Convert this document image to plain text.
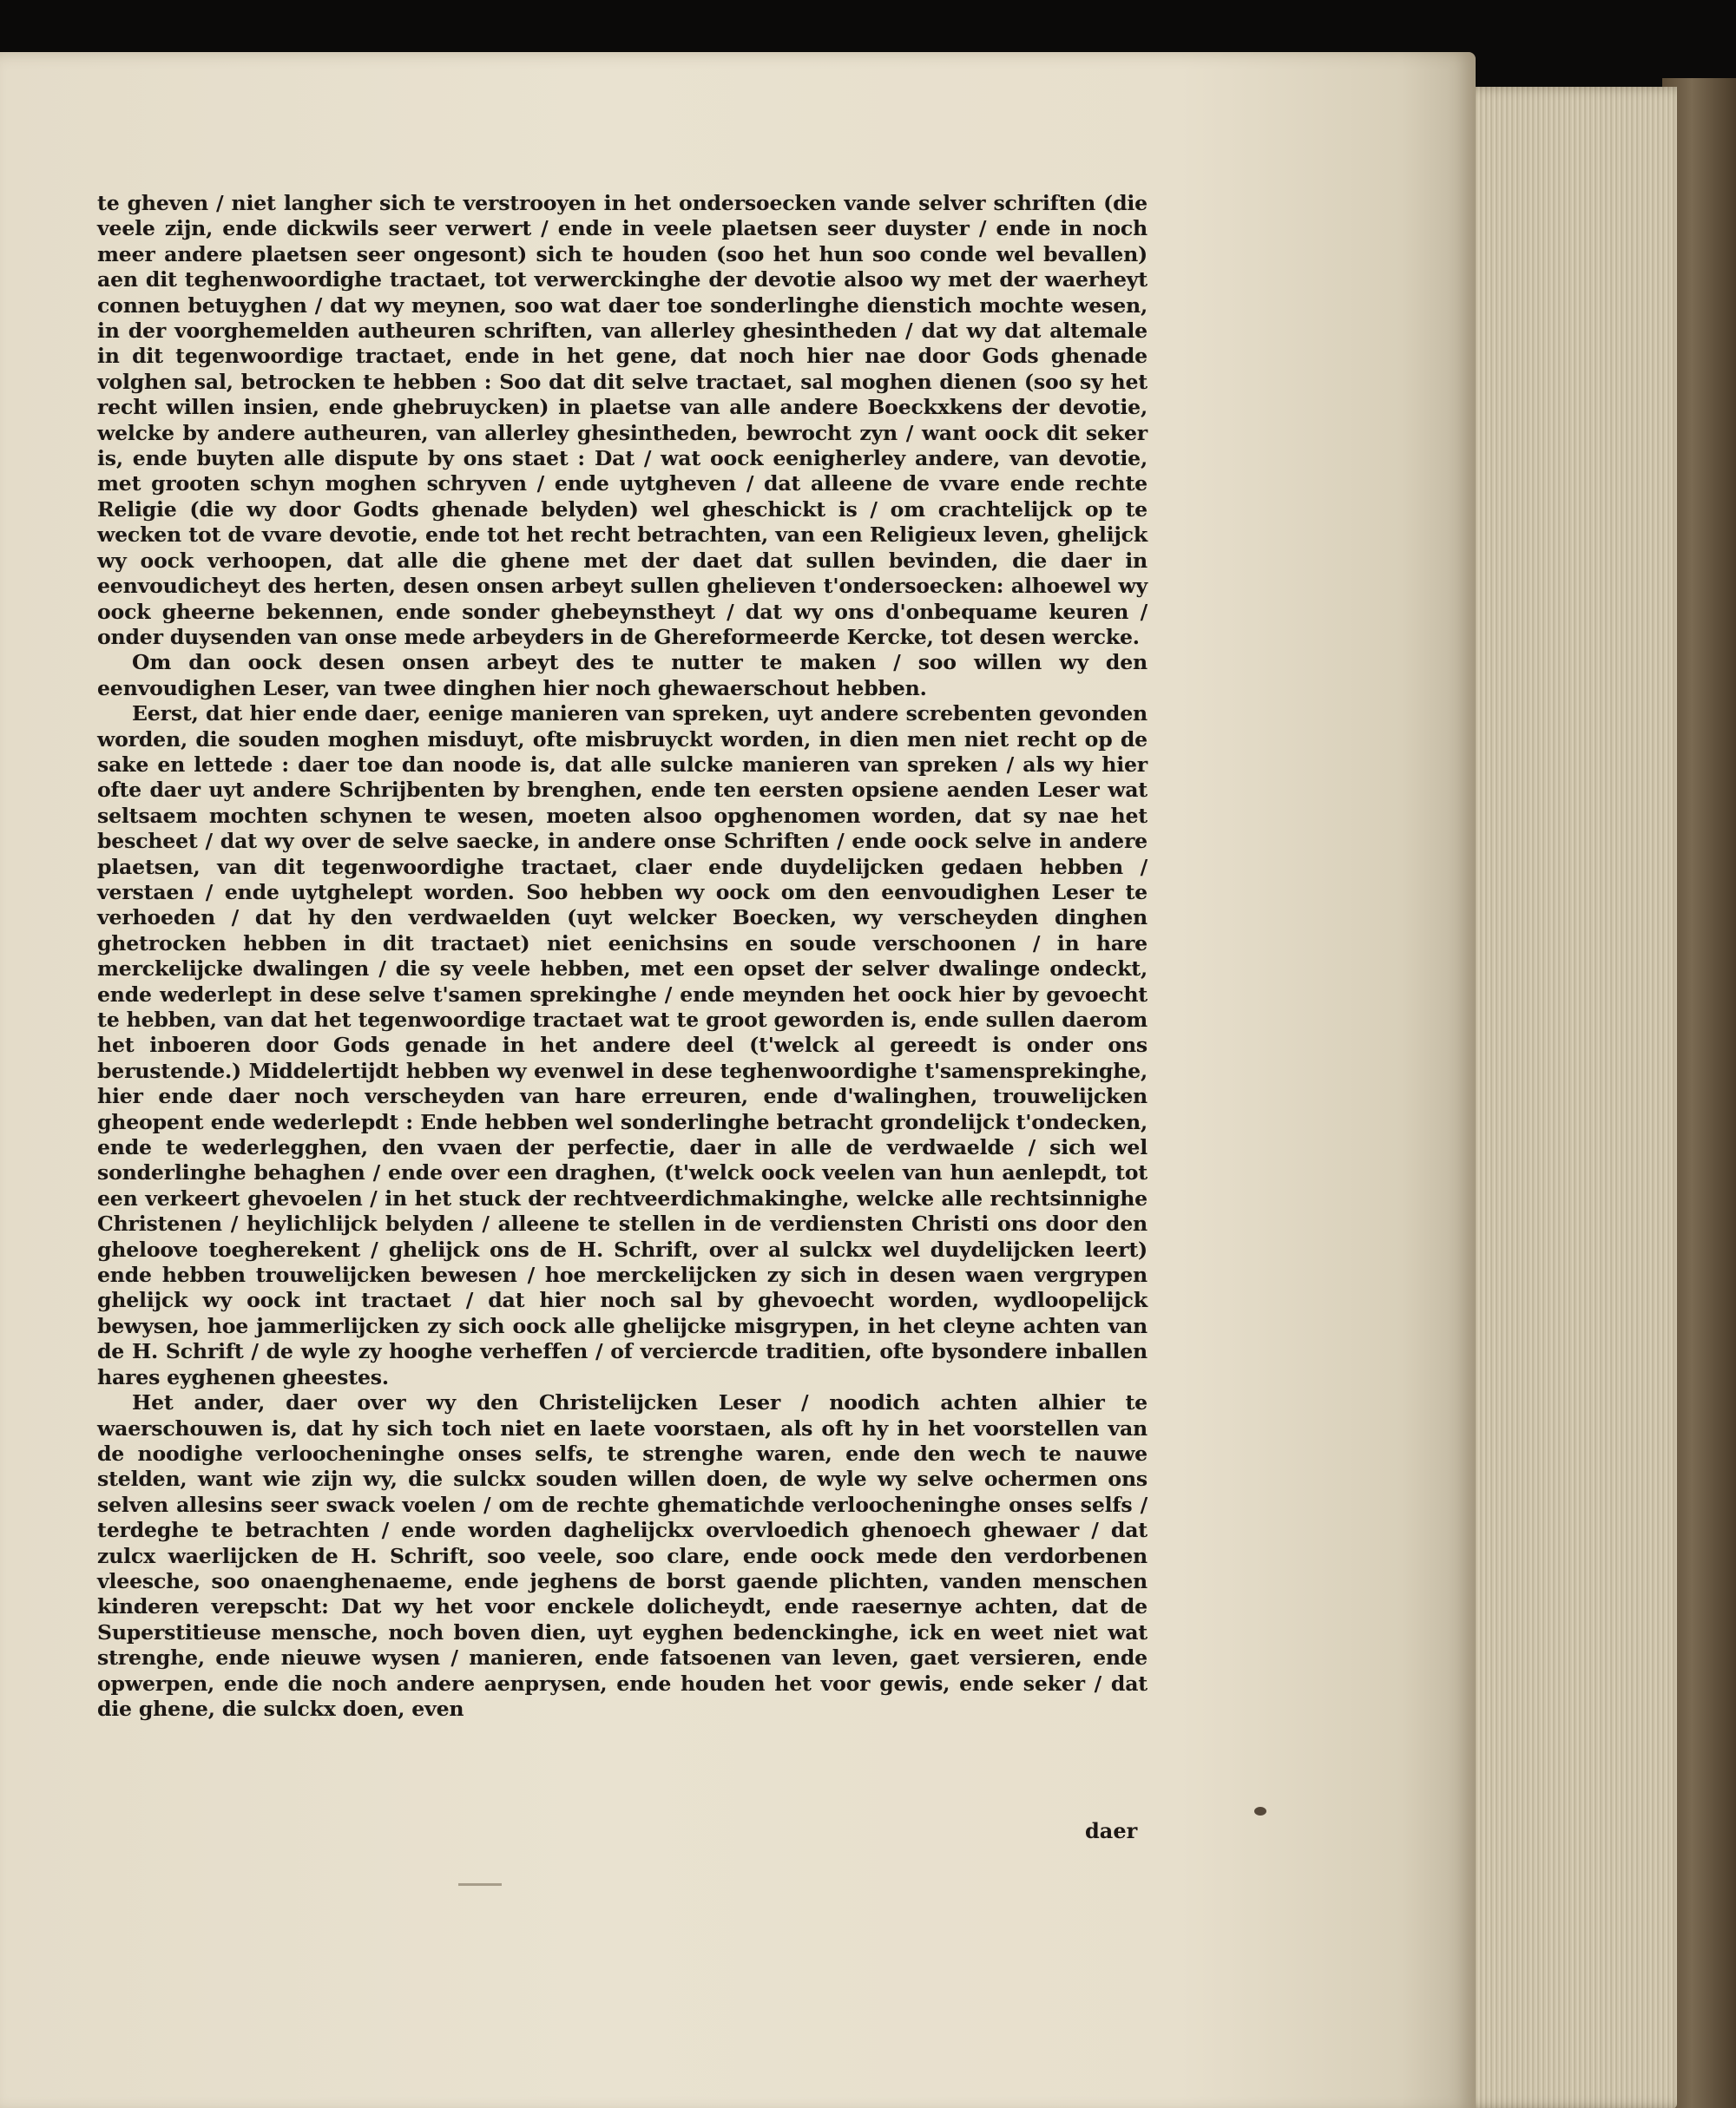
te gheven / niet langher sich te verstrooyen in het ondersoecken vande selver schriften (die veele zijn, ende dickwils seer verwert / ende in veele plaetsen seer duyster / ende in noch meer andere plaetsen seer ongesont) sich te houden (soo het hun soo conde wel bevallen) aen dit teghenwoordighe tractaet, tot verwerckinghe der devotie alsoo wy met der waerheyt connen betuyghen / dat wy meynen, soo wat daer toe sonderlinghe dienstich mochte wesen, in der voorghemelden autheuren schriften, van allerley ghesintheden / dat wy dat altemale in dit tegenwoordige tractaet, ende in het gene, dat noch hier nae door Gods ghenade volghen sal, betrocken te hebben : Soo dat dit selve tractaet, sal moghen dienen (soo sy het recht willen insien, ende ghebruycken) in plaetse van alle andere Boeckxkens der devotie, welcke by andere autheuren, van allerley ghesintheden, bewrocht zyn / want oock dit seker is, ende buyten alle dispute by ons staet : Dat / wat oock eenigherley andere, van devotie, met grooten schyn moghen schryven / ende uytgheven / dat alleene de vvare ende rechte Religie (die wy door Godts ghenade belyden) wel gheschickt is / om crachtelijck op te wecken tot de vvare devotie, ende tot het recht betrachten, van een Religieux leven, ghelijck wy oock verhoopen, dat alle die ghene met der daet dat sullen bevinden, die daer in eenvoudicheyt des herten, desen onsen arbeyt sullen ghelieven t'ondersoecken: alhoewel wy oock gheerne bekennen, ende sonder ghebeynstheyt / dat wy ons d'onbequame keuren / onder duysenden van onse mede arbeyders in de Ghereformeerde Kercke, tot desen wercke.

Om dan oock desen onsen arbeyt des te nutter te maken / soo willen wy den eenvoudighen Leser, van twee dinghen hier noch ghewaerschout hebben.

Eerst, dat hier ende daer, eenige manieren van spreken, uyt andere screbenten gevonden worden, die souden moghen misduyt, ofte misbruyckt worden, in dien men niet recht op de sake en lettede : daer toe dan noode is, dat alle sulcke manieren van spreken / als wy hier ofte daer uyt andere Schrijbenten by brenghen, ende ten eersten opsiene aenden Leser wat seltsaem mochten schynen te wesen, moeten alsoo opghenomen worden, dat sy nae het bescheet / dat wy over de selve saecke, in andere onse Schriften / ende oock selve in andere plaetsen, van dit tegenwoordighe tractaet, claer ende duydelijcken gedaen hebben / verstaen / ende uytghelept worden. Soo hebben wy oock om den eenvoudighen Leser te verhoeden / dat hy den verdwaelden (uyt welcker Boecken, wy verscheyden dinghen ghetrocken hebben in dit tractaet) niet eenichsins en soude verschoonen / in hare merckelijcke dwalingen / die sy veele hebben, met een opset der selver dwalinge ondeckt, ende wederlept in dese selve t'samen sprekinghe / ende meynden het oock hier by gevoecht te hebben, van dat het tegenwoordige tractaet wat te groot geworden is, ende sullen daerom het inboeren door Gods genade in het andere deel (t'welck al gereedt is onder ons berustende.) Middelertijdt hebben wy evenwel in dese teghenwoordighe t'samensprekinghe, hier ende daer noch verscheyden van hare erreuren, ende d'walinghen, trouwelijcken gheopent ende wederlepdt : Ende hebben wel sonderlinghe betracht grondelijck t'ondecken, ende te wederlegghen, den vvaen der perfectie, daer in alle de verdwaelde / sich wel sonderlinghe behaghen / ende over een draghen, (t'welck oock veelen van hun aenlepdt, tot een verkeert ghevoelen / in het stuck der rechtveerdichmakinghe, welcke alle rechtsinnighe Christenen / heylichlijck belyden / alleene te stellen in de verdiensten Christi ons door den gheloove toegherekent / ghelijck ons de H. Schrift, over al sulckx wel duydelijcken leert) ende hebben trouwelijcken bewesen / hoe merckelijcken zy sich in desen waen vergrypen ghelijck wy oock int tractaet / dat hier noch sal by ghevoecht worden, wydloopelijck bewysen, hoe jammerlijcken zy sich oock alle ghelijcke misgrypen, in het cleyne achten van de H. Schrift / de wyle zy hooghe verheffen / of verciercde traditien, ofte bysondere inballen hares eyghenen gheestes.

Het ander, daer over wy den Christelijcken Leser / noodich achten alhier te waerschouwen is, dat hy sich toch niet en laete voorstaen, als oft hy in het voorstellen van de noodighe verloocheninghe onses selfs, te strenghe waren, ende den wech te nauwe stelden, want wie zijn wy, die sulckx souden willen doen, de wyle wy selve ochermen ons selven allesins seer swack voelen / om de rechte ghematichde verloocheninghe onses selfs / terdeghe te betrachten / ende worden daghelijckx overvloedich ghenoech ghewaer / dat zulcx waerlijcken de H. Schrift, soo veele, soo clare, ende oock mede den verdorbenen vleesche, soo onaenghenaeme, ende jeghens de borst gaende plichten, vanden menschen kinderen verepscht: Dat wy het voor enckele dolicheydt, ende raesernye achten, dat de Superstitieuse mensche, noch boven dien, uyt eyghen bedenckinghe, ick en weet niet wat strenghe, ende nieuwe wysen / manieren, ende fatsoenen van leven, gaet versieren, ende opwerpen, ende die noch andere aenprysen, ende houden het voor gewis, ende seker / dat die ghene, die sulckx doen, even

daer
